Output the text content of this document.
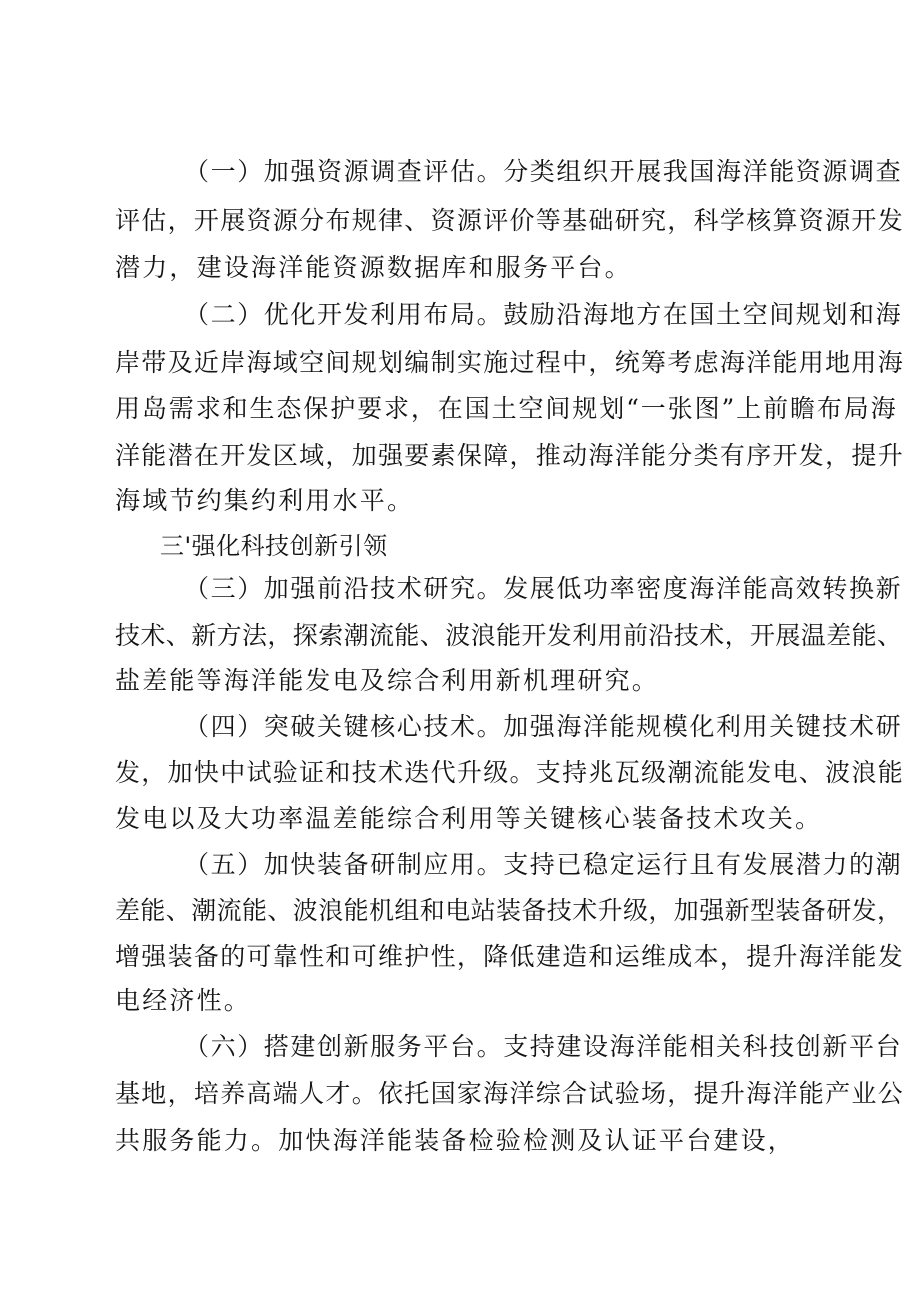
（一）加强资源调查评估。分类组织开展我国海洋能资源调查
评估，开展资源分布规律、资源评价等基础研究，科学核算资源开发
潜力，建设海洋能资源数据库和服务平台。
（二）优化开发利用布局。鼓励沿海地方在国土空间规划和海
岸带及近岸海域空间规划编制实施过程中，统筹考虑海洋能用地用海
用岛需求和生态保护要求，在国土空间规划“一张图”上前瞻布局海
洋能潜在开发区域，加强要素保障，推动海洋能分类有序开发，提升
海域节约集约利用水平。
三'强化科技创新引领
（三）加强前沿技术研究。发展低功率密度海洋能高效转换新
技术、新方法，探索潮流能、波浪能开发利用前沿技术，开展温差能、
盐差能等海洋能发电及综合利用新机理研究。
（四）突破关键核心技术。加强海洋能规模化利用关键技术研
发，加快中试验证和技术迭代升级。支持兆瓦级潮流能发电、波浪能
发电以及大功率温差能综合利用等关键核心装备技术攻关。
（五）加快装备研制应用。支持已稳定运行且有发展潜力的潮
差能、潮流能、波浪能机组和电站装备技术升级，加强新型装备研发，
增强装备的可靠性和可维护性，降低建造和运维成本，提升海洋能发
电经济性。
（六）搭建创新服务平台。支持建设海洋能相关科技创新平台
基地，培养高端人才。依托国家海洋综合试验场，提升海洋能产业公
共服务能力。加快海洋能装备检验检测及认证平台建设，
